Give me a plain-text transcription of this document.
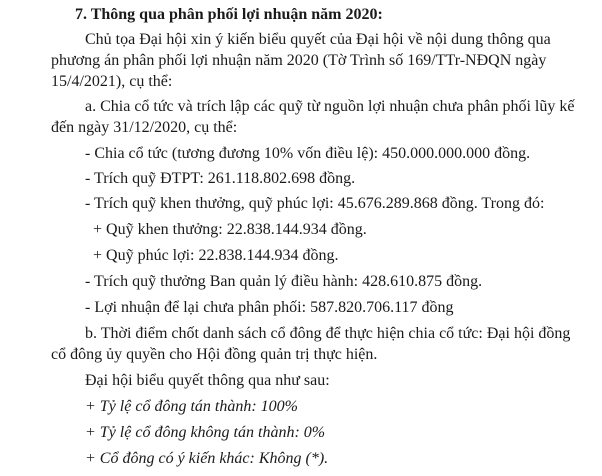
7. Thông qua phân phối lợi nhuận năm 2020:
Chủ tọa Đại hội xin ý kiến biểu quyết của Đại hội về nội dung thông qua
phương án phân phối lợi nhuận năm 2020 (Tờ Trình số 169/TTr-NĐQN ngày
15/4/2021), cụ thể:
a. Chia cổ tức và trích lập các quỹ từ nguồn lợi nhuận chưa phân phối lũy kế
đến ngày 31/12/2020, cụ thể:
- Chia cổ tức (tương đương 10% vốn điều lệ): 450.000.000.000 đồng.
- Trích quỹ ĐTPT: 261.118.802.698 đồng.
- Trích quỹ khen thưởng, quỹ phúc lợi: 45.676.289.868 đồng. Trong đó:
+ Quỹ khen thưởng: 22.838.144.934 đồng.
+ Quỹ phúc lợi: 22.838.144.934 đồng.
- Trích quỹ thưởng Ban quản lý điều hành: 428.610.875 đồng.
- Lợi nhuận để lại chưa phân phối: 587.820.706.117 đồng
b. Thời điểm chốt danh sách cổ đông để thực hiện chia cổ tức: Đại hội đồng
cổ đông ủy quyền cho Hội đồng quản trị thực hiện.
Đại hội biểu quyết thông qua như sau:
+ Tỷ lệ cổ đông tán thành: 100%
+ Tỷ lệ cổ đông không tán thành: 0%
+ Cổ đông có ý kiến khác: Không (*).
